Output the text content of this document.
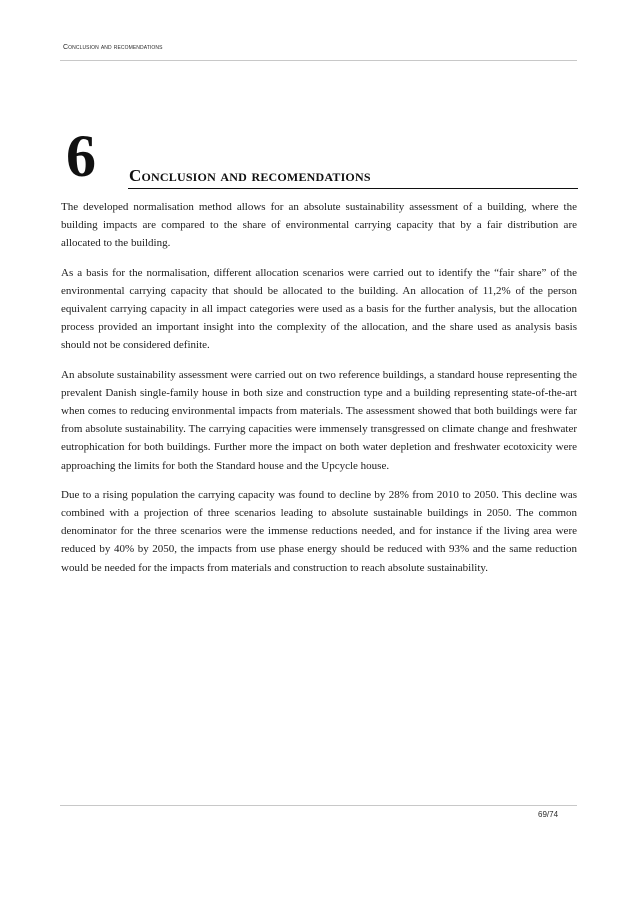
Conclusion and recomendations
6 Conclusion and recomendations

The developed normalisation method allows for an absolute sustainability assessment of a building, where the building impacts are compared to the share of environmental carrying capacity that by a fair distribution are allocated to the building.

As a basis for the normalisation, different allocation scenarios were carried out to identify the “fair share” of the environmental carrying capacity that should be allocated to the building. An allocation of 11,2% of the person equivalent carrying capacity in all impact categories were used as a basis for the further analysis, but the allocation process provided an important insight into the complexity of the allocation, and the share used as analysis basis should not be considered definite.

An absolute sustainability assessment were carried out on two reference buildings, a standard house representing the prevalent Danish single-family house in both size and construction type and a building representing state-of-the-art when comes to reducing environmental impacts from materials. The assessment showed that both buildings were far from absolute sustainability. The carrying capacities were immensely transgressed on climate change and freshwater eutrophication for both buildings. Further more the impact on both water depletion and freshwater ecotoxicity were approaching the limits for both the Standard house and the Upcycle house.

Due to a rising population the carrying capacity was found to decline by 28% from 2010 to 2050. This decline was combined with a projection of three scenarios leading to absolute sustainable buildings in 2050. The common denominator for the three scenarios were the immense reductions needed, and for instance if the living area were reduced by 40% by 2050, the impacts from use phase energy should be reduced with 93% and the same reduction would be needed for the impacts from materials and construction to reach absolute sustainability.

69/74
